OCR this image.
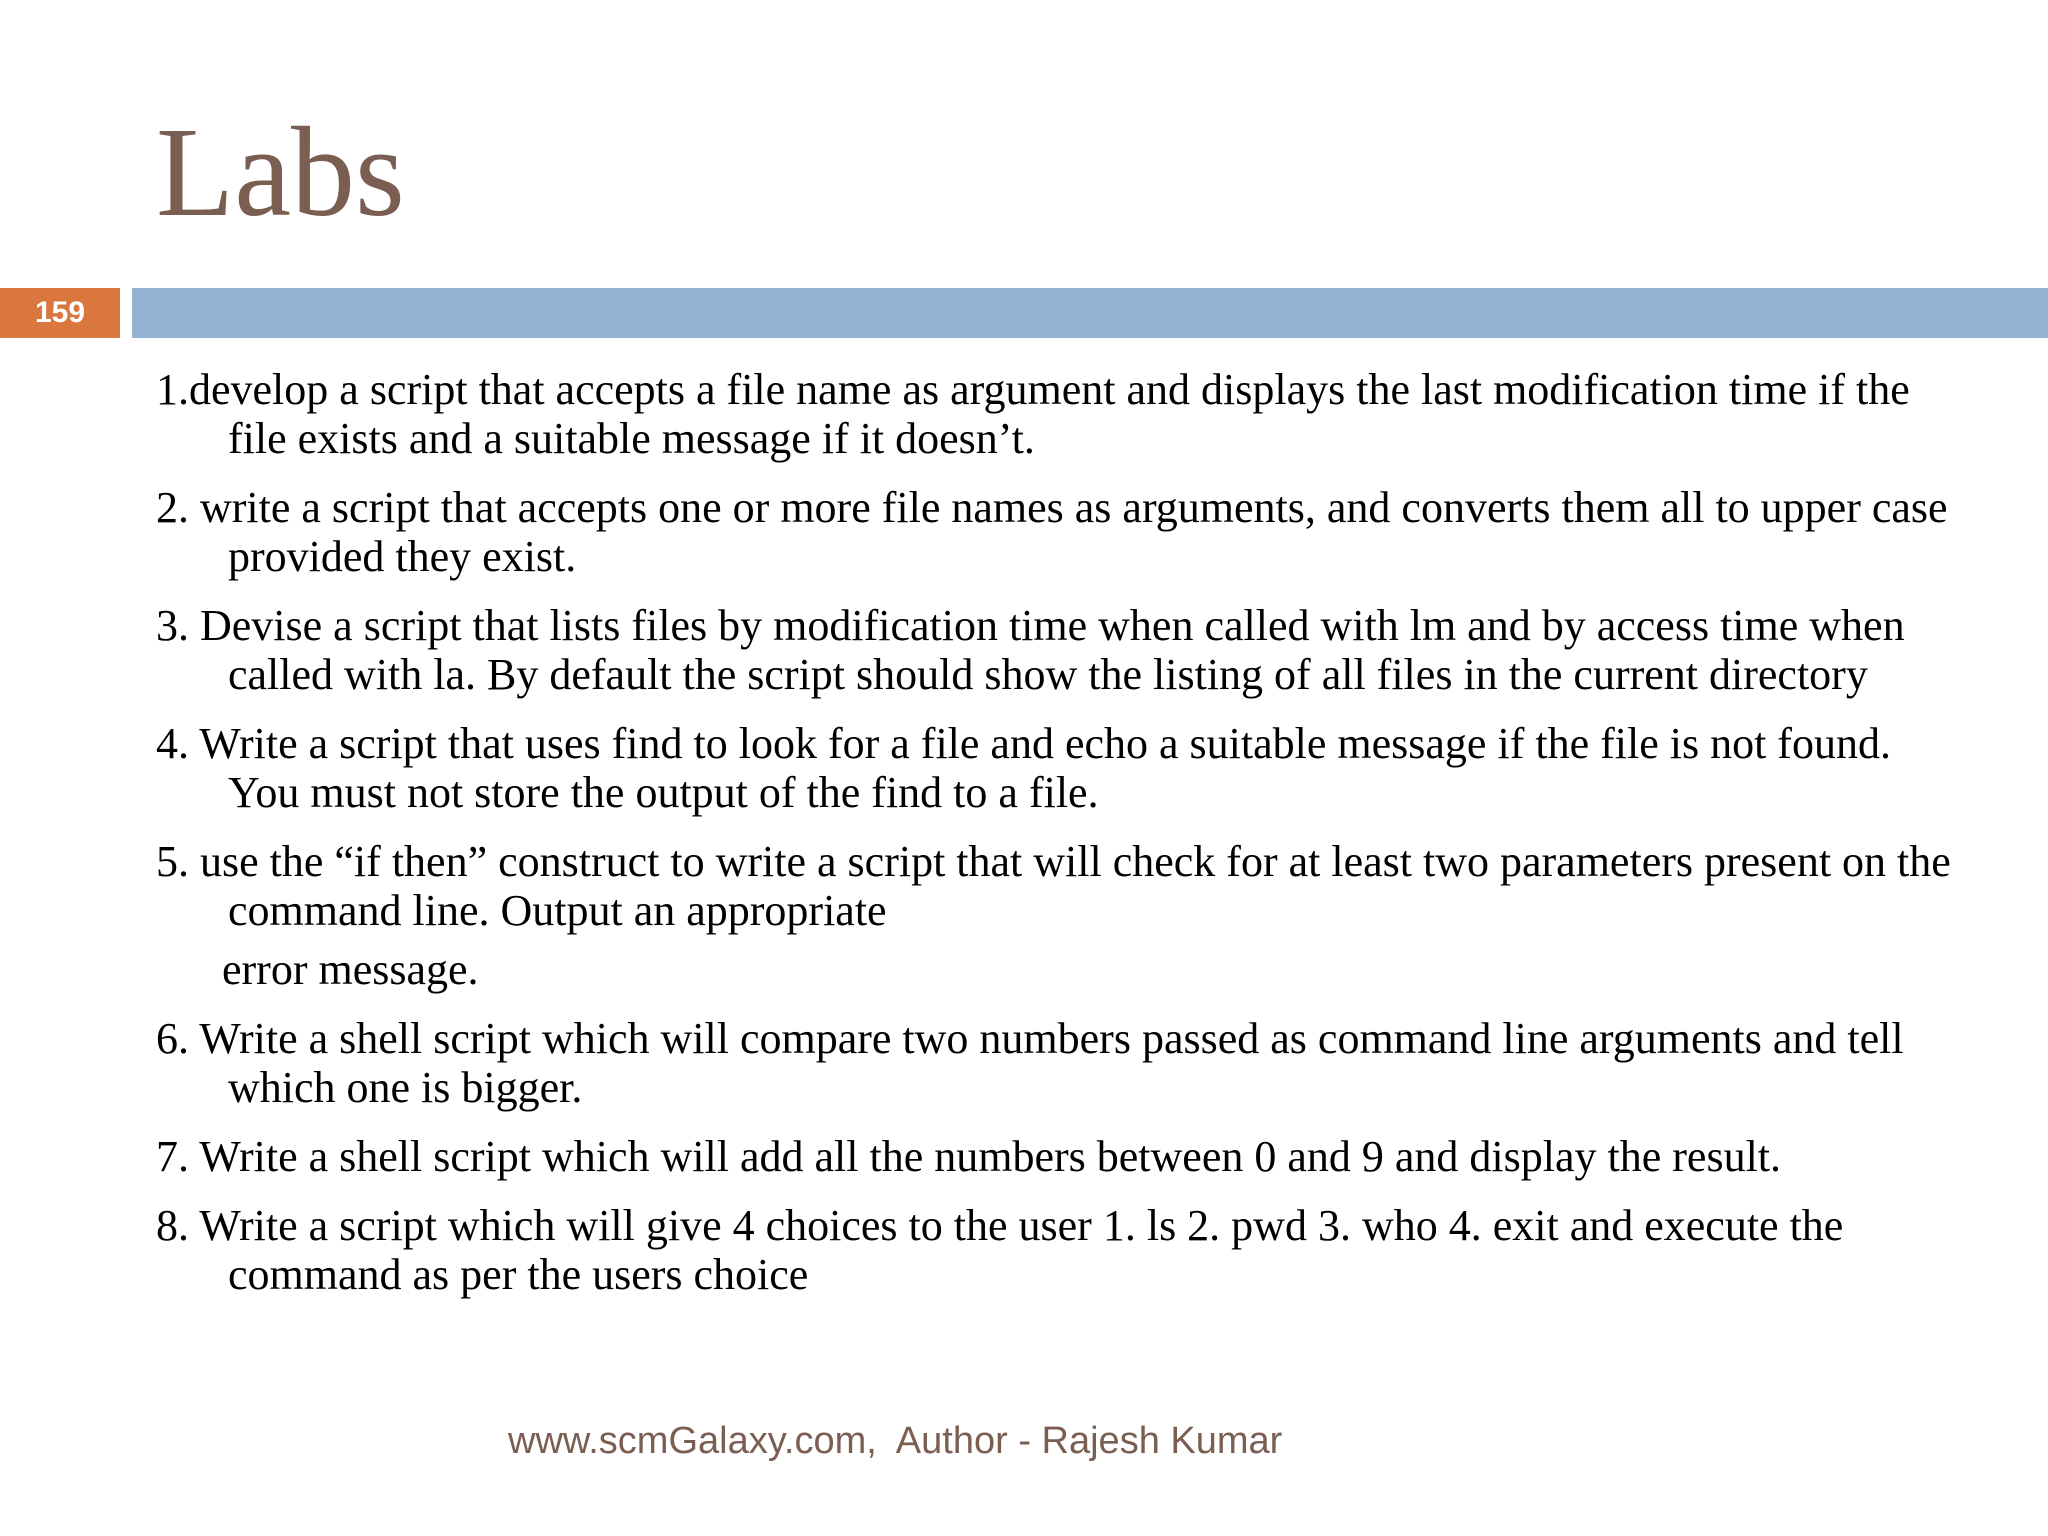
Labs
159
1.develop a script that accepts a file name as argument and displays the last modification time if the file exists and a suitable message if it doesn’t.
2. write a script that accepts one or more file names as arguments, and converts them all to upper case provided they exist.
3. Devise a script that lists files by modification time when called with lm and by access time when called with la. By default the script should show the listing of all files in the current directory
4. Write a script that uses find to look for a file and echo a suitable message if the file is not found. You must not store the output of the find to a file.
5. use the “if then” construct to write a script that will check for at least two parameters present on the command line. Output an appropriate
error message.
6. Write a shell script which will compare two numbers passed as command line arguments and tell which one is bigger.
7. Write a shell script which will add all the numbers between 0 and 9 and display the result.
8. Write a script which will give 4 choices to the user 1. ls 2. pwd 3. who 4. exit and execute the command as per the users choice
www.scmGalaxy.com,  Author - Rajesh Kumar
